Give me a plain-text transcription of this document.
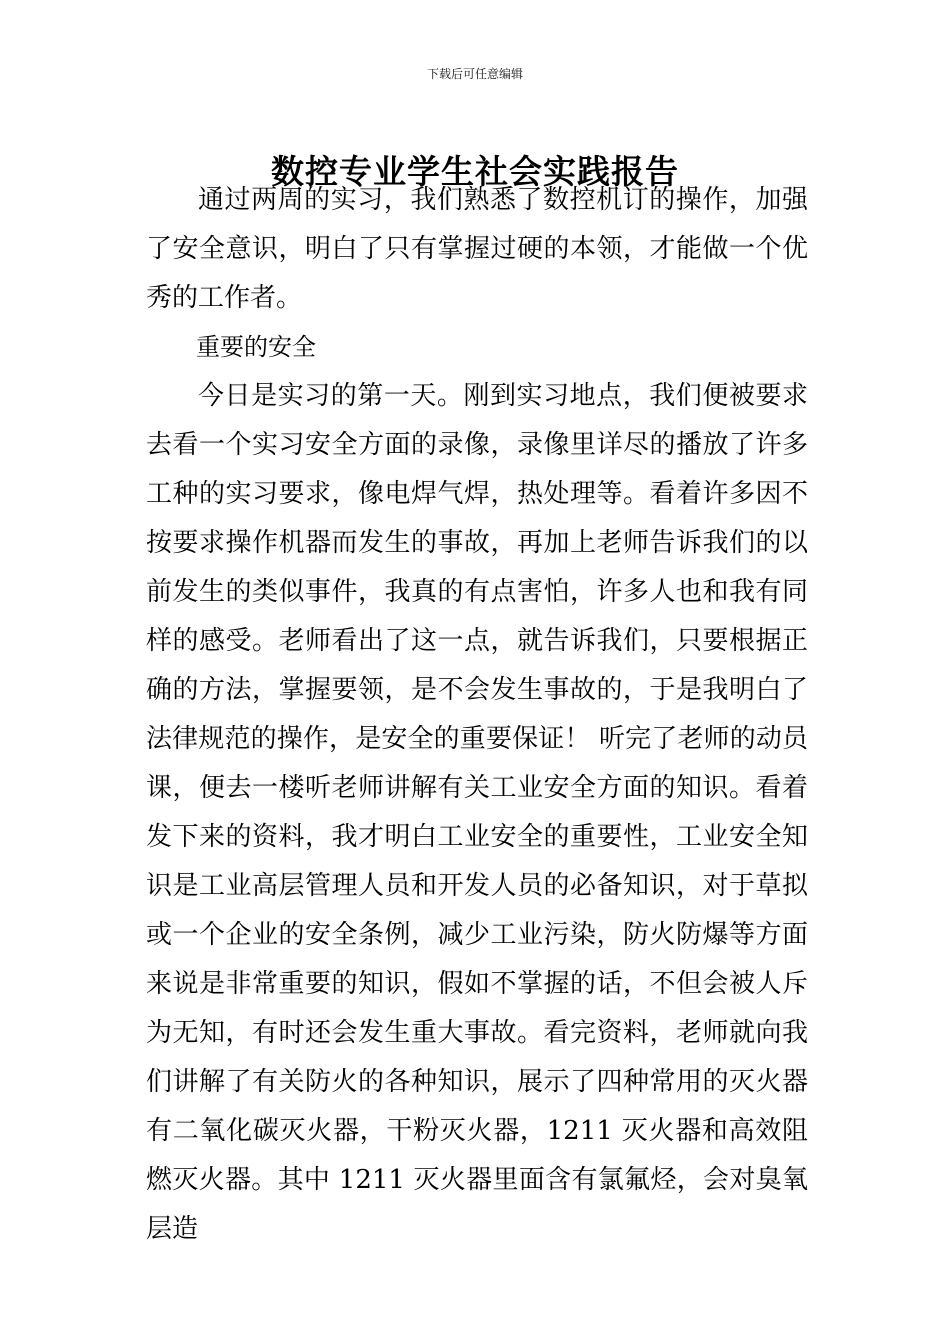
下载后可任意编辑
数控专业学生社会实践报告

通过两周的实习，我们熟悉了数控机订的操作，加强了安全意识，明白了只有掌握过硬的本领，才能做一个优秀的工作者。

重要的安全

今日是实习的第一天。刚到实习地点，我们便被要求去看一个实习安全方面的录像，录像里详尽的播放了许多工种的实习要求，像电焊气焊，热处理等。看着许多因不按要求操作机器而发生的事故，再加上老师告诉我们的以前发生的类似事件，我真的有点害怕，许多人也和我有同样的感受。老师看出了这一点，就告诉我们，只要根据正确的方法，掌握要领，是不会发生事故的，于是我明白了法律规范的操作，是安全的重要保证！ 听完了老师的动员课，便去一楼听老师讲解有关工业安全方面的知识。看着发下来的资料，我才明白工业安全的重要性，工业安全知识是工业高层管理人员和开发人员的必备知识，对于草拟或一个企业的安全条例，减少工业污染，防火防爆等方面来说是非常重要的知识，假如不掌握的话，不但会被人斥为无知，有时还会发生重大事故。看完资料，老师就向我们讲解了有关防火的各种知识，展示了四种常用的灭火器有二氧化碳灭火器，干粉灭火器，1211 灭火器和高效阻燃灭火器。其中 1211 灭火器里面含有氯氟烃，会对臭氧层造
